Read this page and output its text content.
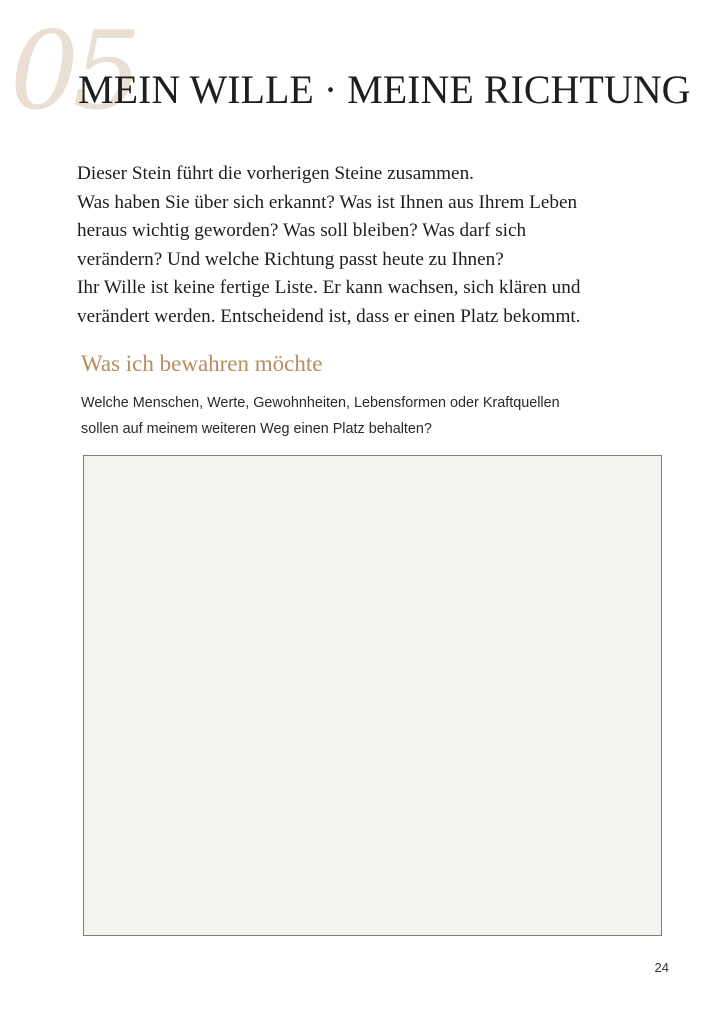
05
MEIN WILLE · MEINE RICHTUNG

Dieser Stein führt die vorherigen Steine zusammen.
Was haben Sie über sich erkannt? Was ist Ihnen aus Ihrem Leben
heraus wichtig geworden? Was soll bleiben? Was darf sich
verändern? Und welche Richtung passt heute zu Ihnen?
Ihr Wille ist keine fertige Liste. Er kann wachsen, sich klären und
verändert werden. Entscheidend ist, dass er einen Platz bekommt.

Was ich bewahren möchte

Welche Menschen, Werte, Gewohnheiten, Lebensformen oder Kraftquellen
sollen auf meinem weiteren Weg einen Platz behalten?

24
